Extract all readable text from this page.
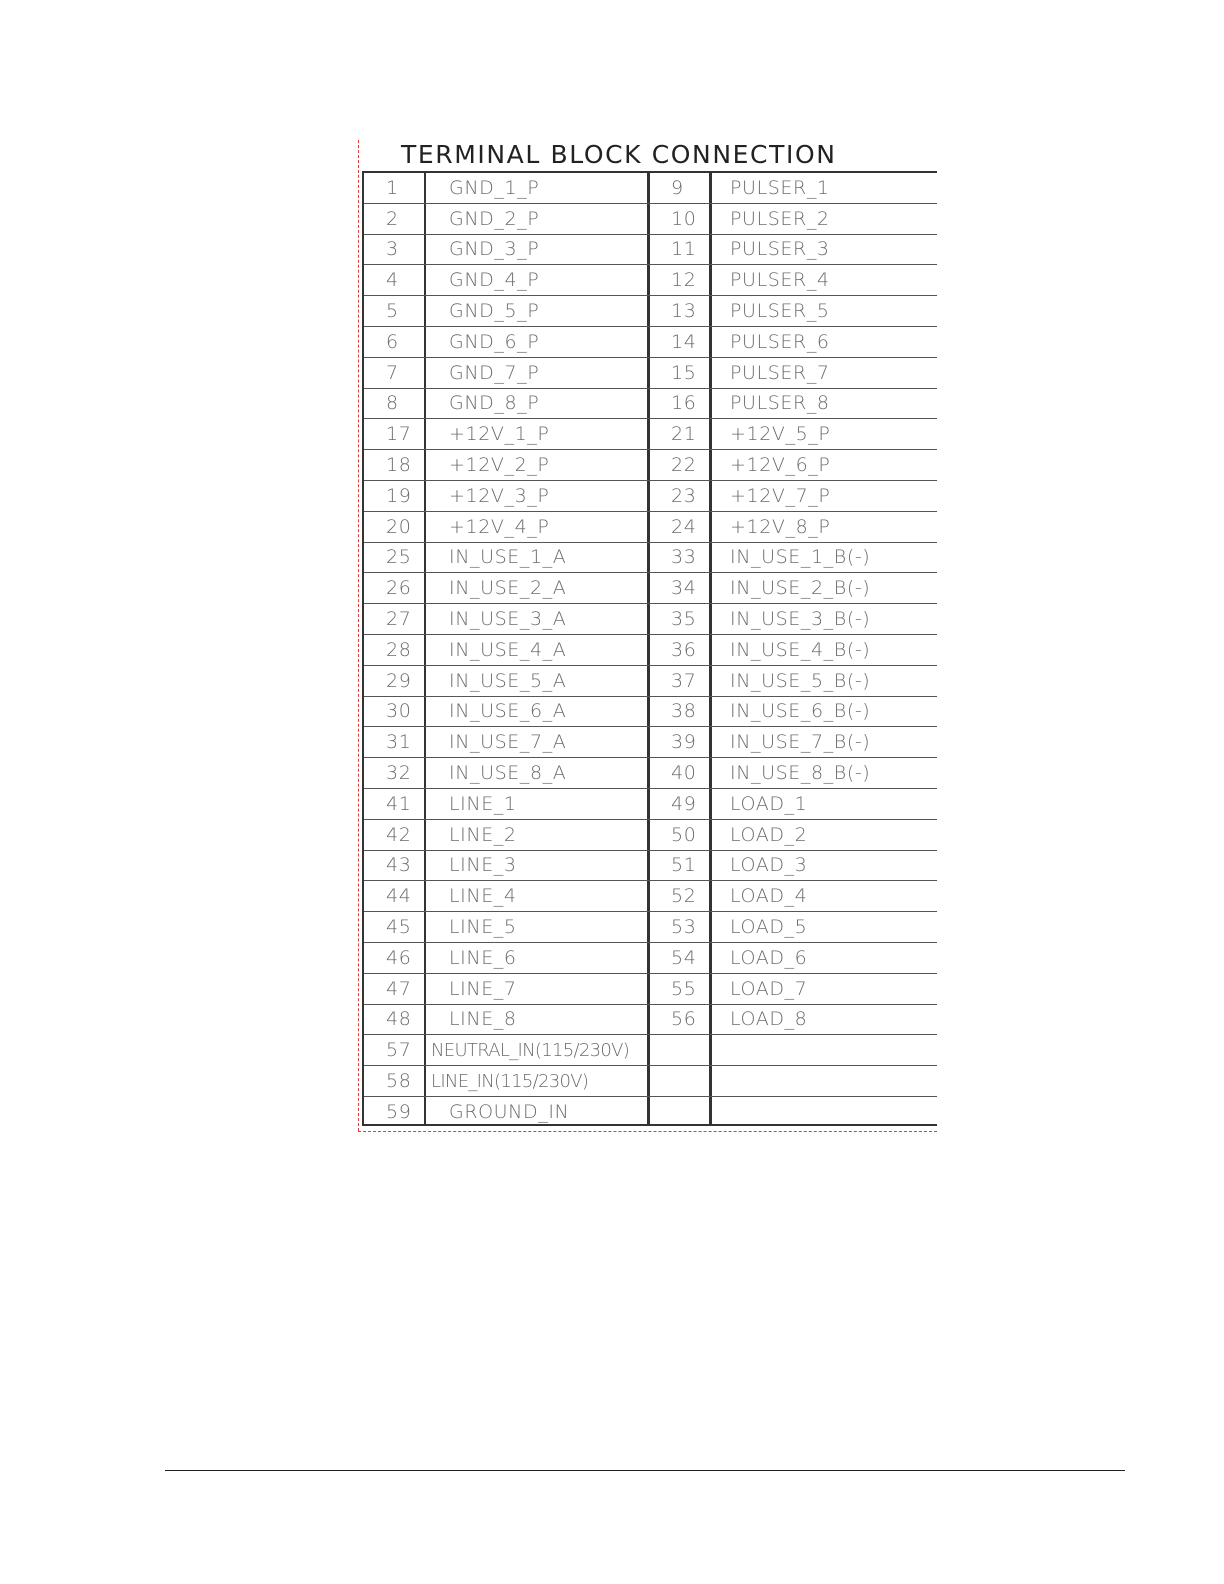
TERMINAL BLOCK CONNECTION
1	GND_1_P	9 PULSER_1
2	GND_2_P	10 PULSER_2
3	GND_3_P	11 PULSER_3
4	GND_4_P	12 PULSER_4
5	GND_5_P	13 PULSER_5
6	GND_6_P	14 PULSER_6
7	GND_7_P	15 PULSER_7
8	GND_8_P	16 PULSER_8
17 +12V_1_P	21 +12V_5_P
18 +12V_2_P	22 +12V_6_P
19 +12V_3_P	23 +12V_7_P
20 +12V_4_P	24 +12V_8_P
25 IN_USE_1_A	33 IN_USE_1_B(-)
26 IN_USE_2_A	34 IN_USE_2_B(-)
27 IN_USE_3_A	35 IN_USE_3_B(-)
28 IN_USE_4_A	36 IN_USE_4_B(-)
29 IN_USE_5_A	37 IN_USE_5_B(-)
30 IN_USE_6_A	38 IN_USE_6_B(-)
31 IN_USE_7_A	39 IN_USE_7_B(-)
32 IN_USE_8_A	40 IN_USE_8_B(-)
41 LINE_1	49 LOAD_1
42 LINE_2	50 LOAD_2
43 LINE_3	51 LOAD_3
44 LINE_4	52 LOAD_4
45 LINE_5	53 LOAD_5
46 LINE_6	54 LOAD_6
47 LINE_7	55 LOAD_7
48 LINE_8	56 LOAD_8
57 NEUTRAL_IN(115/230V)
58 LINE_IN(115/230V)
59 GROUND_IN
